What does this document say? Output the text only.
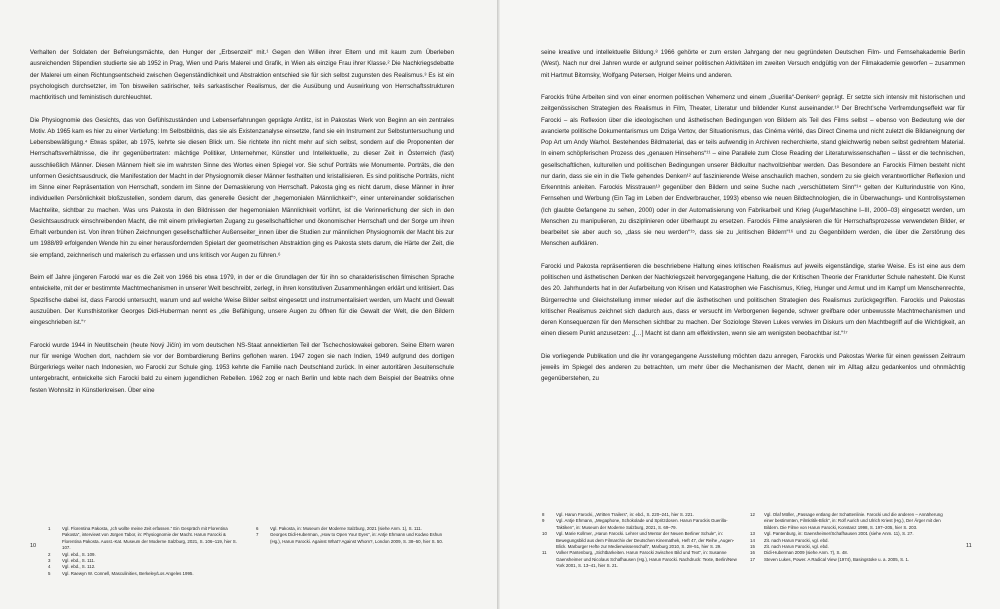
Verhalten der Soldaten der Befreiungsmächte, den Hunger der „Erbsenzeit“ mit.¹ Gegen den Willen ihrer Eltern und mit kaum zum Überleben ausreichenden Stipendien studierte sie ab 1952 in Prag, Wien und Paris Malerei und Grafik, in Wien als einzige Frau ihrer Klasse.² Die Nachkriegsdebatte der Malerei um einen Richtungsentscheid zwischen Gegenständlichkeit und Abstraktion entschied sie für sich selbst zugunsten des Realismus.³ Es ist ein psychologisch durchsetzter, im Ton bisweilen satirischer, teils sarkastischer Realismus, der die Ausübung und Auswirkung von Herrschaftsstrukturen machtkritisch und feministisch durchleuchtet.

Die Physiognomie des Gesichts, das von Gefühlszuständen und Lebenserfahrungen geprägte Antlitz, ist in Pakostas Werk von Beginn an ein zentrales Motiv. Ab 1965 kam es hier zu einer Vertiefung: Im Selbstbildnis, das sie als Existenzanalyse einsetzte, fand sie ein Instrument zur Selbstuntersuchung und Lebensbewältigung.⁴ Etwas später, ab 1975, kehrte sie diesen Blick um. Sie richtete ihn nicht mehr auf sich selbst, sondern auf die Proponenten der Herrschaftsverhältnisse, die ihr gegenübertraten: mächtige Politiker, Unternehmer, Künstler und Intellektuelle, zu dieser Zeit in Österreich (fast) ausschließlich Männer. Diesen Männern hielt sie im wahrsten Sinne des Wortes einen Spiegel vor. Sie schuf Porträts wie Monumente. Porträts, die den unformen Gesichtsausdruck, die Manifestation der Macht in der Physiognomik dieser Männer festhalten und kristallisieren. Es sind politische Porträts, nicht im Sinne einer Repräsentation von Herrschaft, sondern im Sinne der Demaskierung von Herrschaft. Pakosta ging es nicht darum, diese Männer in ihrer individuellen Persönlichkeit bloßzustellen, sondern darum, das generelle Gesicht der „hegemonialen Männlichkeit“⁵, einer untereinander solidarischen Machtelite, sichtbar zu machen. Was uns Pakosta in den Bildnissen der hegemonialen Männlichkeit vorführt, ist die Verinnerlichung der sich in den Gesichtsausdruck einschreibenden Macht, die mit einem privilegierten Zugang zu gesellschaftlicher und ökonomischer Herrschaft und der Sorge um ihren Erhalt verbunden ist. Von ihren frühen Zeichnungen gesellschaftlicher Außenseiter_innen über die Studien zur männlichen Physiognomik der Macht bis zur um 1988/89 erfolgenden Wende hin zu einer herausfordernden Spielart der geometrischen Abstraktion ging es Pakosta stets darum, die Härte der Zeit, die sie empfand, zeichnerisch und malerisch zu erfassen und uns kritisch vor Augen zu führen.⁶

Beim elf Jahre jüngeren Farocki war es die Zeit von 1966 bis etwa 1979, in der er die Grundlagen der für ihn so charakteristischen filmischen Sprache entwickelte, mit der er bestimmte Machtmechanismen in unserer Welt beschreibt, zerlegt, in ihren konstitutiven Zusammenhängen erklärt und kritisiert. Das Spezifische dabei ist, dass Farocki untersucht, warum und auf welche Weise Bilder selbst eingesetzt und instrumentalisiert werden, um Macht und Gewalt auszuüben. Der Kunsthistoriker Georges Didi-Huberman nennt es „die Befähigung, unsere Augen zu öffnen für die Gewalt der Welt, die den Bildern eingeschrieben ist.“⁷

Farocki wurde 1944 in Neutitschein (heute Nový Jičín) im vom deutschen NS-Staat annektierten Teil der Tschechoslowakei geboren. Seine Eltern waren nur für wenige Wochen dort, nachdem sie vor der Bombardierung Berlins geflohen waren. 1947 zogen sie nach Indien, 1949 aufgrund des dortigen Bürgerkriegs weiter nach Indonesien, wo Farocki zur Schule ging. 1953 kehrte die Familie nach Deutschland zurück. In einer autoritären Jesuitenschule untergebracht, entwickelte sich Farocki bald zu einem jugendlichen Rebellen. 1962 zog er nach Berlin und lebte nach dem Beispiel der Beatniks ohne festen Wohnsitz in Künstlerkreisen. Über eine

10
1	Vgl. Florentina Pakosta, „Ich wollte meine Zeit erfassen.“ Ein Gespräch mit Florentina Pakosta“, interviewt von Jürgen Tabor, in: Physiognomie der Macht. Harun Farocki & Florentina Pakosta. Ausst.-Kat. Museum der Moderne Salzburg, 2021, S. 106–119, hier S. 107.
2	Vgl. ebd., S. 109.
3	Vgl. ebd., S. 111.
4	Vgl. ebd., S. 112.
5	Vgl. Raewyn W. Connell, Masculinities, Berkeley/Los Angeles 1995.
6	Vgl. Pakosta, in: Museum der Moderne Salzburg, 2021 (siehe Anm. 1), S. 111.
7	Georges Didi-Huberman, „How to Open Your Eyes“, in: Antje Ehmann und Kodwo Eshun (Hg.), Harun Farocki. Against What? Against Whom?, London 2009, S. 38–50, hier S. 50.

seine kreative und intellektuelle Bildung.⁸ 1966 gehörte er zum ersten Jahrgang der neu gegründeten Deutschen Film- und Fernsehakademie Berlin (West). Nach nur drei Jahren wurde er aufgrund seiner politischen Aktivitäten im zweiten Versuch endgültig von der Filmakademie geworfen – zusammen mit Hartmut Bitomsky, Wolfgang Petersen, Holger Meins und anderen.

Farockis frühe Arbeiten sind von einer enormen politischen Vehemenz und einem „Guerilla“-Denken⁹ geprägt. Er setzte sich intensiv mit historischen und zeitgenössischen Strategien des Realismus in Film, Theater, Literatur und bildender Kunst auseinander.¹⁰ Der Brecht’sche Verfremdungseffekt war für Farocki – als Reflexion über die ideologischen und ästhetischen Bedingungen von Bildern als Teil des Films selbst – ebenso von Bedeutung wie der avancierte politische Dokumentarismus um Dziga Vertov, der Situationismus, das Cinéma vérité, das Direct Cinema und nicht zuletzt die Bildaneignung der Pop Art um Andy Warhol. Bestehendes Bildmaterial, das er teils aufwendig in Archiven recherchierte, stand gleichwertig neben selbst gedrehtem Material. In einem schöpferischen Prozess des „genauen Hinsehens“¹¹ – eine Parallele zum Close Reading der Literaturwissenschaften – lässt er die technischen, gesellschaftlichen, kulturellen und politischen Bedingungen unserer Bildkultur nachvollziehbar werden. Das Besondere an Farockis Filmen besteht nicht nur darin, dass sie ein in die Tiefe gehendes Denken¹² auf faszinierende Weise anschaulich machen, sondern zu sie gleich verantwortlicher Reflexion und Erkenntnis anleiten. Farockis Misstrauen¹³ gegenüber den Bildern und seine Suche nach „verschüttetem Sinn“¹⁴ gelten der Kulturindustrie von Kino, Fernsehen und Werbung (Ein Tag im Leben der Endverbraucher, 1993) ebenso wie neuen Bildtechnologien, die in Überwachungs- und Kontrollsystemen (Ich glaubte Gefangene zu sehen, 2000) oder in der Automatisierung von Fabrikarbeit und Krieg (Auge/Maschine I–III, 2000–03) eingesetzt werden, um Menschen zu manipulieren, zu disziplinieren oder überhaupt zu ersetzen. Farockis Filme analysieren die für Herrschaftsprozesse verwendeten Bilder, er bearbeitet sie aber auch so, „dass sie neu werden“¹⁵, dass sie zu „kritischen Bildern“¹⁶ und zu Gegenbildern werden, die über die Zerstörung des Menschen aufklären.

Farocki und Pakosta repräsentieren die beschriebene Haltung eines kritischen Realismus auf jeweils eigenständige, starke Weise. Es ist eine aus dem politischen und ästhetischen Denken der Nachkriegszeit hervorgegangene Haltung, die der Kritischen Theorie der Frankfurter Schule nahesteht. Die Kunst des 20. Jahrhunderts hat in der Aufarbeitung von Krisen und Katastrophen wie Faschismus, Krieg, Hunger und Armut und im Kampf um Menschenrechte, Bürgerrechte und Gleichstellung immer wieder auf die ästhetischen und politischen Strategien des Realismus zurückgegriffen. Farockis und Pakostas kritischer Realismus zeichnet sich dadurch aus, dass er versucht im Verborgenen liegende, schwer greifbare oder unbewusste Machtmechanismen und deren Konsequenzen für den Menschen sichtbar zu machen. Der Soziologe Steven Lukes verwies im Diskurs um den Machtbegriff auf die Wichtigkeit, an einen diesem Punkt anzusetzen: „[…] Macht ist dann am effektivsten, wenn sie am wenigsten beobachtbar ist.“¹⁷

Die vorliegende Publikation und die ihr vorangegangene Ausstellung möchten dazu anregen, Farockis und Pakostas Werke für einen gewissen Zeitraum jeweils im Spiegel des anderen zu betrachten, um mehr über die Mechanismen der Macht, denen wir im Alltag allzu gedankenlos und ohnmächtig gegenüberstehen, zu

8	Vgl. Harun Farocki, „Written Trailers“, in: ebd., S. 220–241, hier S. 221.
9	Vgl. Antje Ehmann, „Megaphone, Schokolade und Spritzdosen. Harun Farockis Guerilla-Taktiken“, in: Museum der Moderne Salzburg, 2021, S. 69–79.
10	Vgl. Marie Kollmer, „Harun Farocki. Lehrer und Mentor der Neuen Berliner Schule“, in: Bewegungsbild aus dem Filmarchiv der Deutschen Kinemathek, Heft 47, der Reihe „Augen-Blick. Marburger Hefte zur Medienwissenschaft“, Marburg 2010, S. 28–51, hier S. 29.
11	Volker Pantenburg, „Sichtbarkeiten. Harun Farocki zwischen Bild und Text“, in: Susanne Gaensheimer und Nicolaus Schafhausen (Hg.), Harun Farocki. Nachdruck: Texte, Berlin/New York 2001, S. 13–41, hier S. 21.
12	Vgl. Olaf Möller, „Passage entlang der Schattenlinie. Farocki und die anderen – Annäherung einer bestimmten, Filmkritik-Blick“, in: Rolf Aurich und Ulrich Kriest (Hg.), Der Ärger mit den Bildern. Die Filme von Harun Farocki, Konstanz 1998, S. 197–205, hier S. 203.
13	Vgl. Pantenburg, in: Gaensheimer/Schafhausen 2001 (siehe Anm. 11), S. 27.
14	Zit. nach Harun Farocki, vgl. ebd.
15	Zit. nach Harun Farocki, vgl. ebd.
16	Didi-Huberman 2009 (siehe Anm. 7), S. 48.
17	Steven Lukes, Power. A Radical View (1974), Basingstoke u. a. 2005, S. 1.
11
